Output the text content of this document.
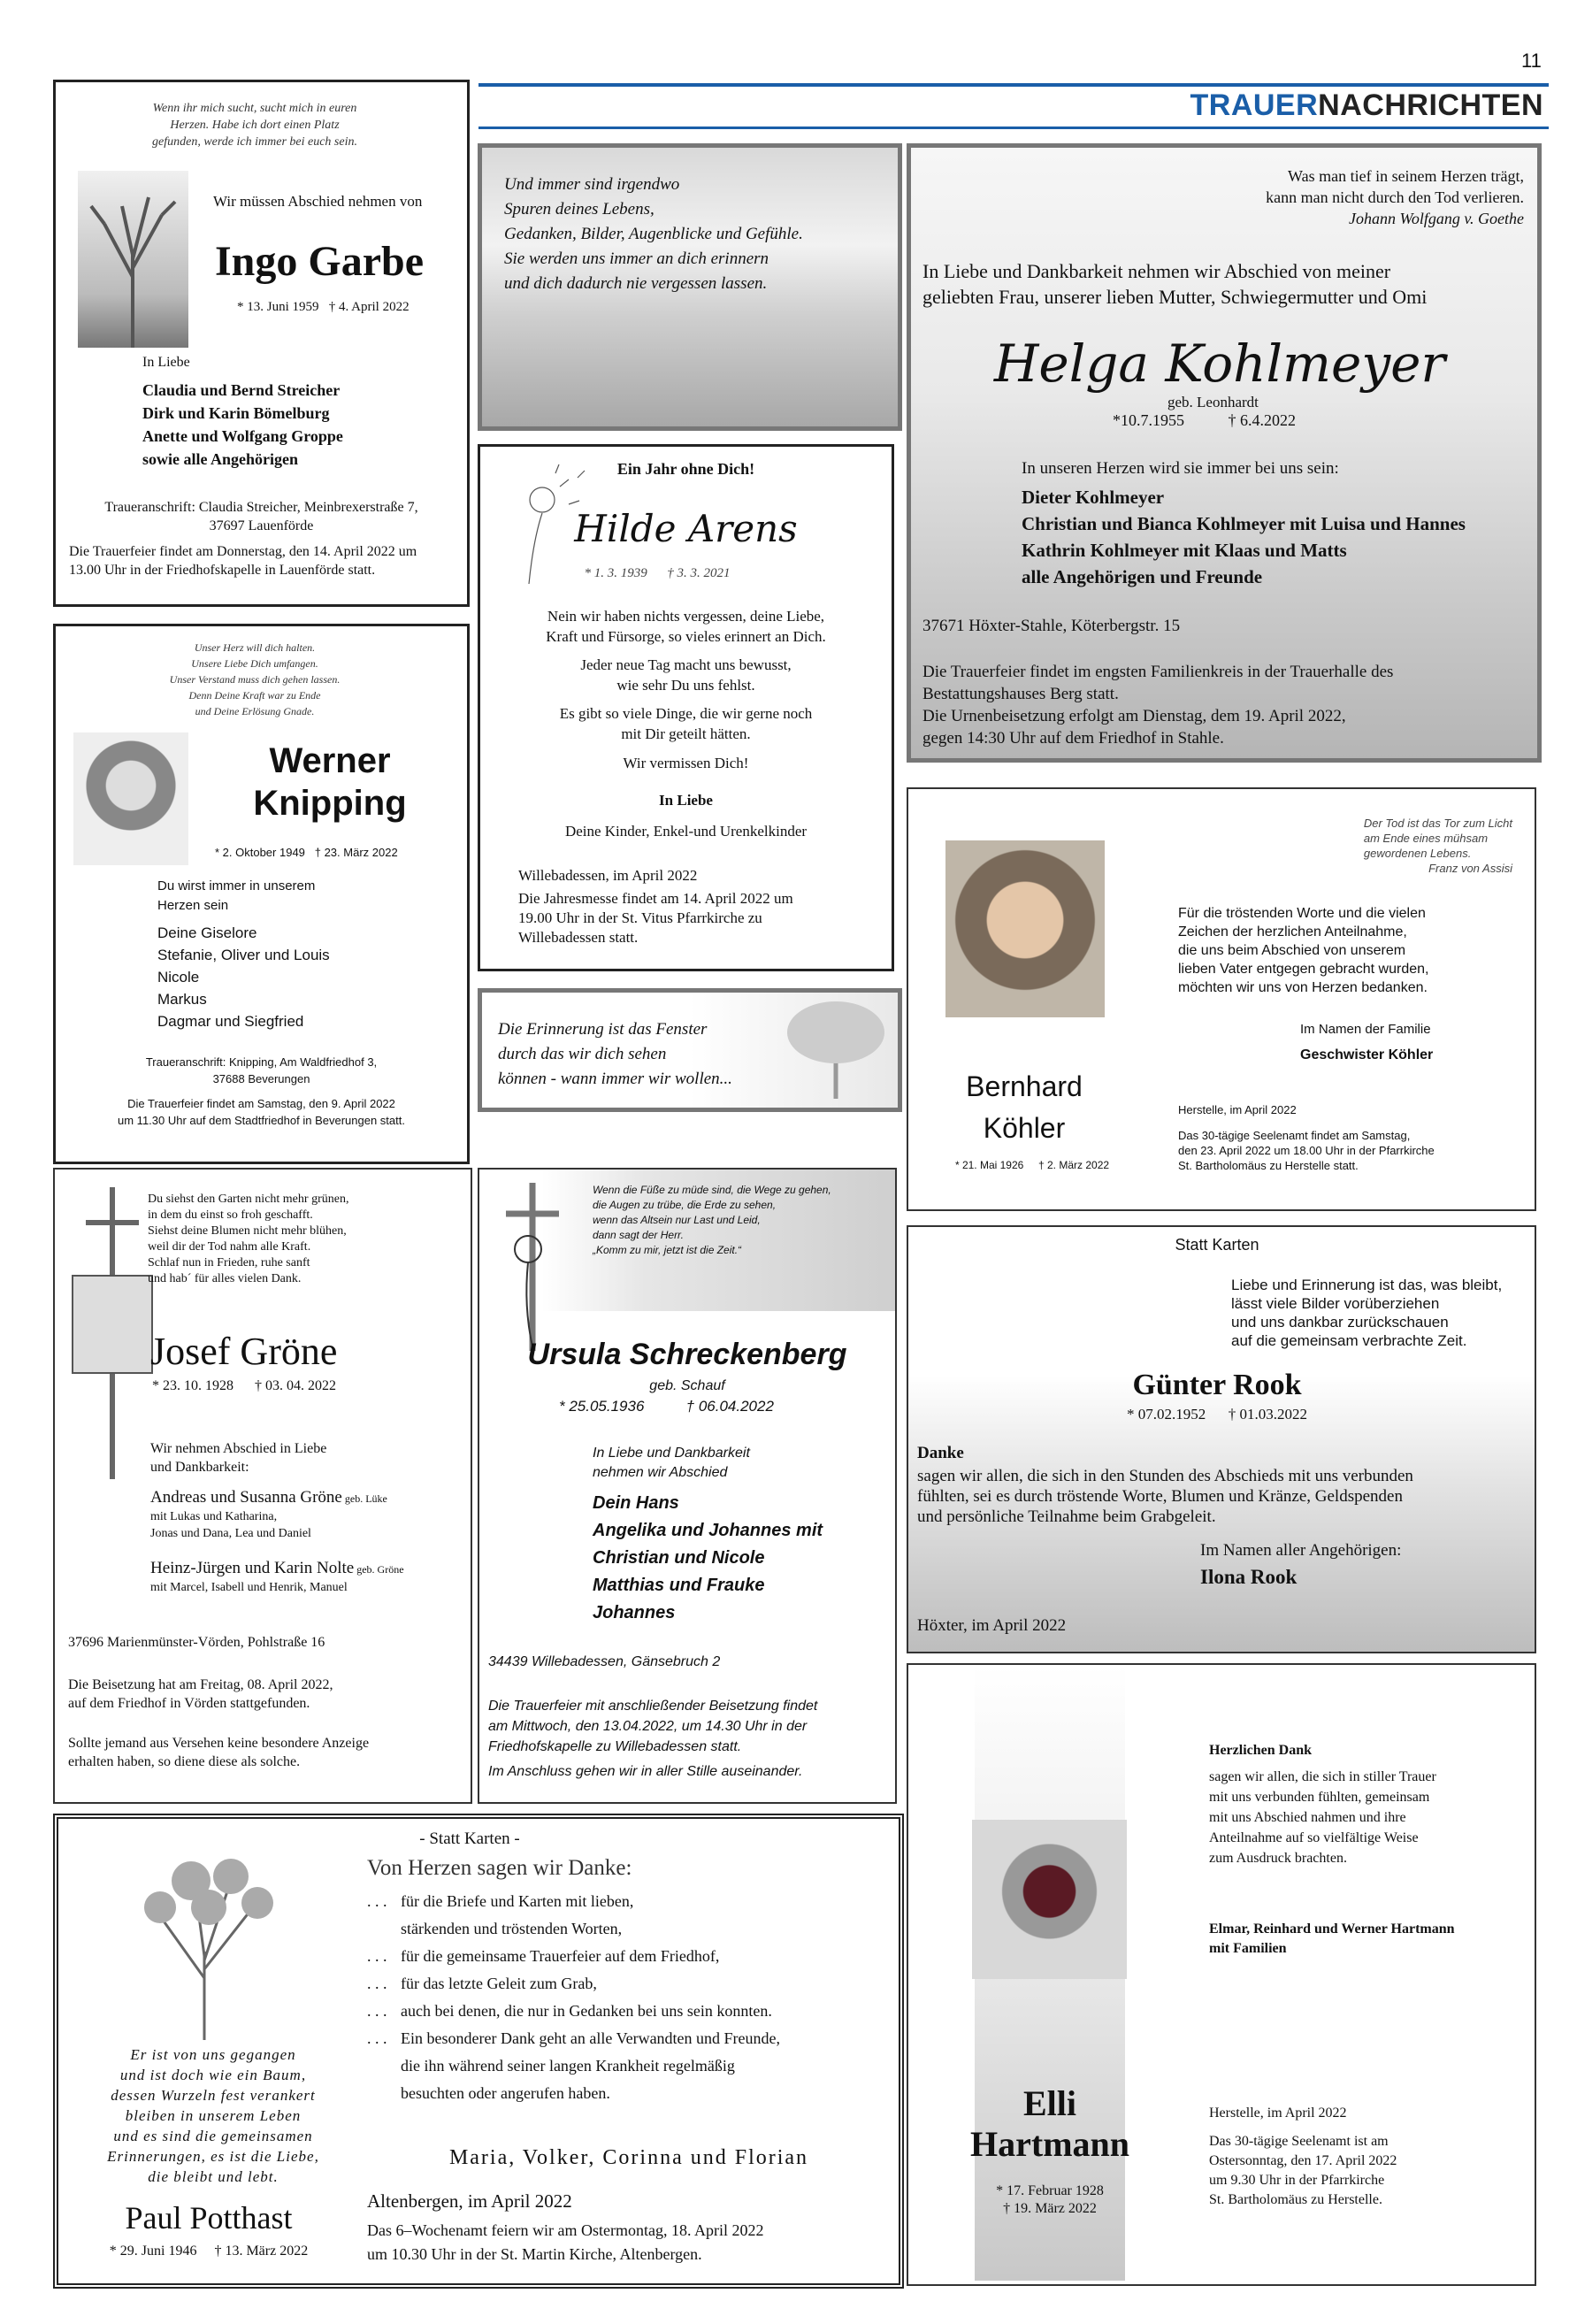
11
TRAUERNACHRICHTEN

Wenn ihr mich sucht, sucht mich in euren

Herzen. Habe ich dort einen Platz

gefunden, werde ich immer bei euch sein.

Wir müssen Abschied nehmen von
Ingo Garbe
* 13. Juni 1959   † 4. April 2022
In Liebe

Claudia und Bernd Streicher

Dirk und Karin Bömelburg

Anette und Wolfgang Groppe

sowie alle Angehörigen

Traueranschrift: Claudia Streicher, Meinbrexerstraße 7,

37697 Lauenförde

Die Trauerfeier findet am Donnerstag, den 14. April 2022 um

13.00 Uhr in der Friedhofskapelle in Lauenförde statt.

Und immer sind irgendwo

Spuren deines Lebens,

Gedanken, Bilder, Augenblicke und Gefühle.

Sie werden uns immer an dich erinnern

und dich dadurch nie vergessen lassen.

Ein Jahr ohne Dich!
Hilde Arens
* 1. 3. 1939      † 3. 3. 2021

Nein wir haben nichts vergessen, deine Liebe,

Kraft und Fürsorge, so vieles erinnert an Dich.

Jeder neue Tag macht uns bewusst,

wie sehr Du uns fehlst.

Es gibt so viele Dinge, die wir gerne noch

mit Dir geteilt hätten.

Wir vermissen Dich!
In Liebe
Deine Kinder, Enkel-und Urenkelkinder
Willebadessen, im April 2022

Die Jahresmesse findet am 14. April 2022 um

19.00 Uhr in der St. Vitus Pfarrkirche zu

Willebadessen statt.

Die Erinnerung ist das Fenster

durch das wir dich sehen

können - wann immer wir wollen...

Was man tief in seinem Herzen trägt,

kann man nicht durch den Tod verlieren.

Johann Wolfgang v. Goethe

In Liebe und Dankbarkeit nehmen wir Abschied von meiner

geliebten Frau, unserer lieben Mutter, Schwiegermutter und Omi

Helga Kohlmeyer
geb. Leonhardt
*10.7.1955           † 6.4.2022
In unseren Herzen wird sie immer bei uns sein:

Dieter Kohlmeyer

Christian und Bianca Kohlmeyer mit Luisa und Hannes

Kathrin Kohlmeyer mit Klaas und Matts

alle Angehörigen und Freunde

37671 Höxter-Stahle, Köterbergstr. 15

Die Trauerfeier findet im engsten Familienkreis in der Trauerhalle des

Bestattungshauses Berg statt.

Die Urnenbeisetzung erfolgt am Dienstag, dem 19. April 2022,

gegen 14:30 Uhr auf dem Friedhof in Stahle.

Unser Herz will dich halten.

Unsere Liebe Dich umfangen.

Unser Verstand muss dich gehen lassen.

Denn Deine Kraft war zu Ende

und Deine Erlösung Gnade.

Werner
Knipping
* 2. Oktober 1949   † 23. März 2022

Du wirst immer in unserem

Herzen sein

Deine Giselore

Stefanie, Oliver und Louis

Nicole

Markus

Dagmar und Siegfried

Traueranschrift: Knipping, Am Waldfriedhof 3,

37688 Beverungen

Die Trauerfeier findet am Samstag, den 9. April 2022

um 11.30 Uhr auf dem Stadtfriedhof in Beverungen statt.

Der Tod ist das Tor zum Licht

am Ende eines mühsam

gewordenen Lebens.

Franz von Assisi

Für die tröstenden Worte und die vielen

Zeichen der herzlichen Anteilnahme,

die uns beim Abschied von unserem

lieben Vater entgegen gebracht wurden,

möchten wir uns von Herzen bedanken.

Im Namen der Familie
Geschwister Köhler
Bernhard
Köhler
* 21. Mai 1926     † 2. März 2022
Herstelle, im April 2022

Das 30-tägige Seelenamt findet am Samstag,

den 23. April 2022 um 18.00 Uhr in der Pfarrkirche

St. Bartholomäus zu Herstelle statt.

Du siehst den Garten nicht mehr grünen,

in dem du einst so froh geschafft.

Siehst deine Blumen nicht mehr blühen,

weil dir der Tod nahm alle Kraft.

Schlaf nun in Frieden, ruhe sanft

und hab´ für alles vielen Dank.

Josef Gröne
* 23. 10. 1928      † 03. 04. 2022

Wir nehmen Abschied in Liebe

und Dankbarkeit:

Andreas und Susanna Gröne geb. Lüke

mit Lukas und Katharina,

Jonas und Dana, Lea und Daniel

Heinz-Jürgen und Karin Nolte geb. Gröne

mit Marcel, Isabell und Henrik, Manuel

37696 Marienmünster-Vörden, Pohlstraße 16

Die Beisetzung hat am Freitag, 08. April 2022,

auf dem Friedhof in Vörden stattgefunden.

Sollte jemand aus Versehen keine besondere Anzeige

erhalten haben, so diene diese als solche.

Wenn die Füße zu müde sind, die Wege zu gehen,

die Augen zu trübe, die Erde zu sehen,

wenn das Altsein nur Last und Leid,

dann sagt der Herr.

„Komm zu mir, jetzt ist die Zeit.“

Ursula Schreckenberg
geb. Schauf
* 25.05.1936          † 06.04.2022

In Liebe und Dankbarkeit

nehmen wir Abschied

Dein Hans

Angelika und Johannes mit

Christian und Nicole

Matthias und Frauke

Johannes

34439 Willebadessen, Gänsebruch 2

Die Trauerfeier mit anschließender Beisetzung findet

am Mittwoch, den 13.04.2022, um 14.30 Uhr in der

Friedhofskapelle zu Willebadessen statt.

Im Anschluss gehen wir in aller Stille auseinander.
Statt Karten

Liebe und Erinnerung ist das, was bleibt,

lässt viele Bilder vorüberziehen

und uns dankbar zurückschauen

auf die gemeinsam verbrachte Zeit.

Günter Rook
* 07.02.1952      † 01.03.2022
Danke

sagen wir allen, die sich in den Stunden des Abschieds mit uns verbunden

fühlten, sei es durch tröstende Worte, Blumen und Kränze, Geldspenden

und persönliche Teilnahme beim Grabgeleit.

Im Namen aller Angehörigen:
Ilona Rook
Höxter, im April 2022

Er ist von uns gegangen

und ist doch wie ein Baum,

dessen Wurzeln fest verankert

bleiben in unserem Leben

und es sind die gemeinsamen

Erinnerungen, es ist die Liebe,

die bleibt und lebt.

Paul Potthast
* 29. Juni 1946     † 13. März 2022
- Statt Karten -
Von Herzen sagen wir Danke:
. . . für die Briefe und Karten mit lieben,

stärkenden und tröstenden Worten,

. . . für die gemeinsame Trauerfeier auf dem Friedhof,

. . . für das letzte Geleit zum Grab,

. . . auch bei denen, die nur in Gedanken bei uns sein konnten.

. . . Ein besonderer Dank geht an alle Verwandten und Freunde,

die ihn während seiner langen Krankheit regelmäßig

besuchten oder angerufen haben.

Maria, Volker, Corinna und Florian
Altenbergen, im April 2022

Das 6–Wochenamt feiern wir am Ostermontag, 18. April 2022

um 10.30 Uhr in der St. Martin Kirche, Altenbergen.

Herzlichen Dank

sagen wir allen, die sich in stiller Trauer

mit uns verbunden fühlten, gemeinsam

mit uns Abschied nahmen und ihre

Anteilnahme auf so vielfältige Weise

zum Ausdruck brachten.

Elmar, Reinhard und Werner Hartmann

mit Familien

Elli
Hartmann

* 17. Februar 1928

† 19. März 2022

Herstelle, im April 2022

Das 30-tägige Seelenamt ist am

Ostersonntag, den 17. April 2022

um 9.30 Uhr in der Pfarrkirche

St. Bartholomäus zu Herstelle.
